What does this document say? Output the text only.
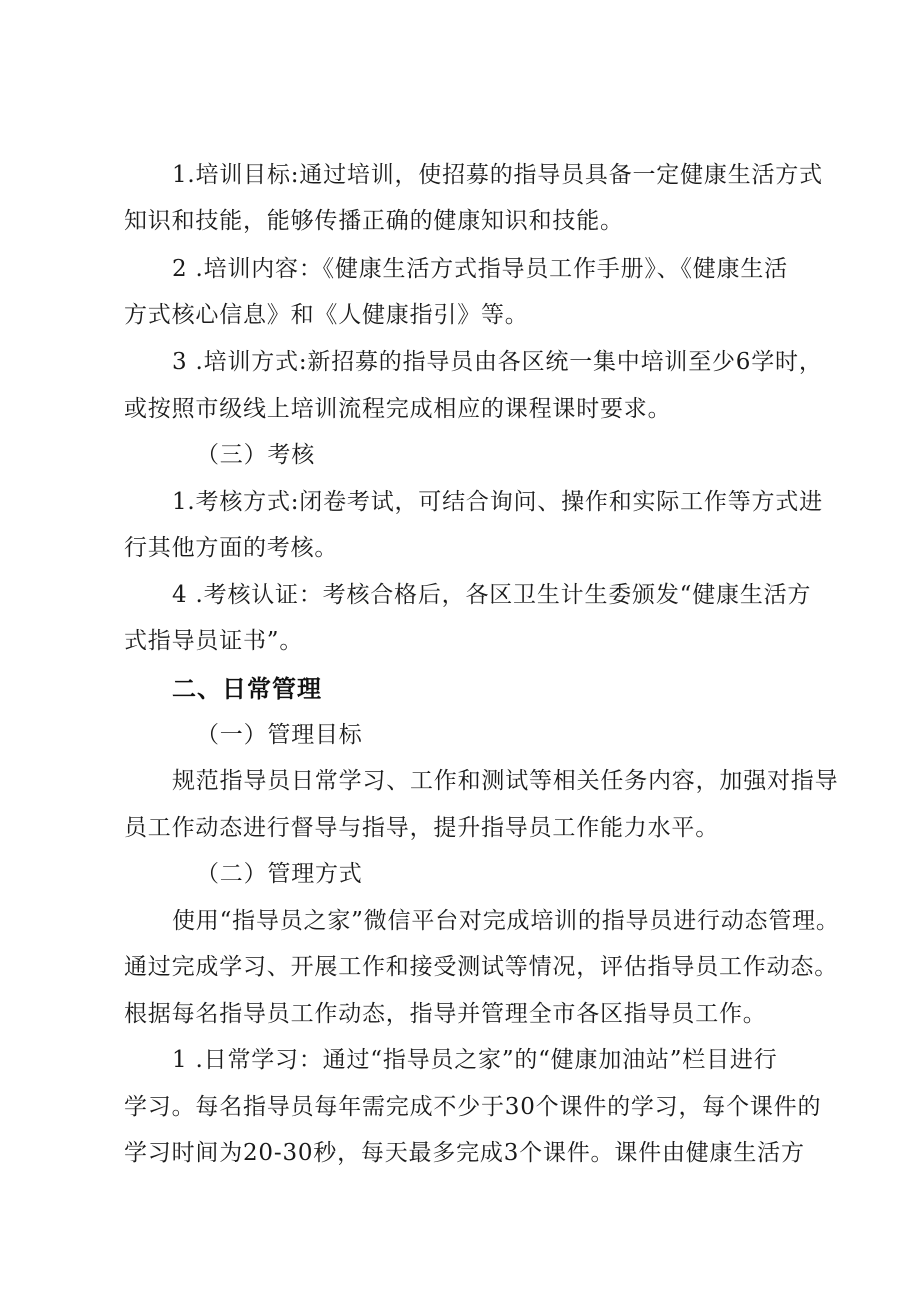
1.培训目标:通过培训，使招募的指导员具备一定健康生活方式
知识和技能，能够传播正确的健康知识和技能。
2 .培训内容：《健康生活方式指导员工作手册》、《健康生活
方式核心信息》和《人健康指引》等。
3 .培训方式:新招募的指导员由各区统一集中培训至少6学时，
或按照市级线上培训流程完成相应的课程课时要求。
（三）考核
1.考核方式:闭卷考试，可结合询问、操作和实际工作等方式进
行其他方面的考核。
4 .考核认证：考核合格后，各区卫生计生委颁发“健康生活方
式指导员证书”。
二、日常管理
（一）管理目标
规范指导员日常学习、工作和测试等相关任务内容，加强对指导
员工作动态进行督导与指导，提升指导员工作能力水平。
（二）管理方式
使用“指导员之家”微信平台对完成培训的指导员进行动态管理。
通过完成学习、开展工作和接受测试等情况，评估指导员工作动态。
根据每名指导员工作动态，指导并管理全市各区指导员工作。
1 .日常学习：通过“指导员之家”的“健康加油站”栏目进行
学习。每名指导员每年需完成不少于30个课件的学习，每个课件的
学习时间为20-30秒，每天最多完成3个课件。课件由健康生活方
